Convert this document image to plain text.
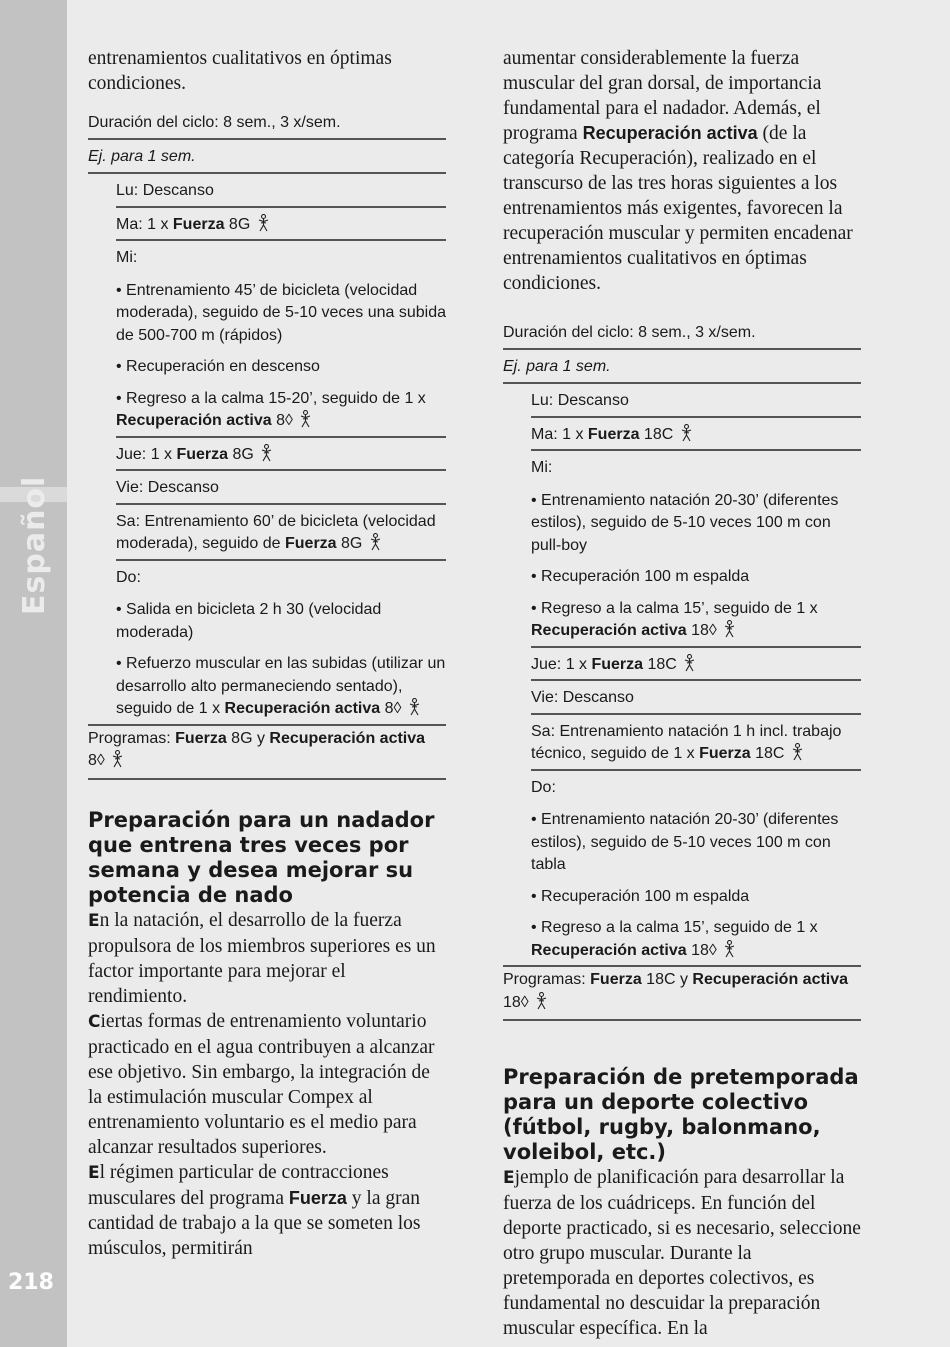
Español
218

entrenamientos cualitativos en óptimas condiciones.

Duración del ciclo: 8 sem., 3 x/sem.
Ej. para 1 sem.
Lu: Descanso
Ma: 1 x Fuerza 8G
Mi:
• Entrenamiento 45’ de bicicleta (velocidad moderada), seguido de 5-10 veces una subida de 500-700 m (rápidos)
• Recuperación en descenso
• Regreso a la calma 15-20’, seguido de 1 x Recuperación activa 8◊
Jue: 1 x Fuerza 8G
Vie: Descanso
Sa: Entrenamiento 60’ de bicicleta (velocidad moderada), seguido de Fuerza 8G
Do:
• Salida en bicicleta 2 h 30 (velocidad moderada)
• Refuerzo muscular en las subidas (utilizar un desarrollo alto permaneciendo sentado), seguido de 1 x Recuperación activa 8◊
Programas: Fuerza 8G y Recuperación activa 8◊
Preparación para un nadador que entrena tres veces por semana y desea mejorar su potencia de nado

En la natación, el desarrollo de la fuerza propulsora de los miembros superiores es un factor importante para mejorar el rendimiento.

Ciertas formas de entrenamiento voluntario practicado en el agua contribuyen a alcanzar ese objetivo. Sin embargo, la integración de la estimulación muscular Compex al entrenamiento voluntario es el medio para alcanzar resultados superiores.

El régimen particular de contracciones musculares del programa Fuerza y la gran cantidad de trabajo a la que se someten los músculos, permitirán

aumentar considerablemente la fuerza muscular del gran dorsal, de importancia fundamental para el nadador. Además, el programa Recuperación activa (de la categoría Recuperación), realizado en el transcurso de las tres horas siguientes a los entrenamientos más exigentes, favorecen la recuperación muscular y permiten encadenar entrenamientos cualitativos en óptimas condiciones.

Duración del ciclo: 8 sem., 3 x/sem.
Ej. para 1 sem.
Lu: Descanso
Ma: 1 x Fuerza 18C
Mi:
• Entrenamiento natación 20-30’ (diferentes estilos), seguido de 5-10 veces 100 m con pull-boy
• Recuperación 100 m espalda
• Regreso a la calma 15’, seguido de 1 x Recuperación activa 18◊
Jue: 1 x Fuerza 18C
Vie: Descanso
Sa: Entrenamiento natación 1 h incl. trabajo técnico, seguido de 1 x Fuerza 18C
Do:
• Entrenamiento natación 20-30’ (diferentes estilos), seguido de 5-10 veces 100 m con tabla
• Recuperación 100 m espalda
• Regreso a la calma 15’, seguido de 1 x Recuperación activa 18◊
Programas: Fuerza 18C y Recuperación activa 18◊
Preparación de pretemporada para un deporte colectivo (fútbol, rugby, balonmano, voleibol, etc.)

Ejemplo de planificación para desarrollar la fuerza de los cuádriceps. En función del deporte practicado, si es necesario, seleccione otro grupo muscular. Durante la pretemporada en deportes colectivos, es fundamental no descuidar la preparación muscular específica. En la
